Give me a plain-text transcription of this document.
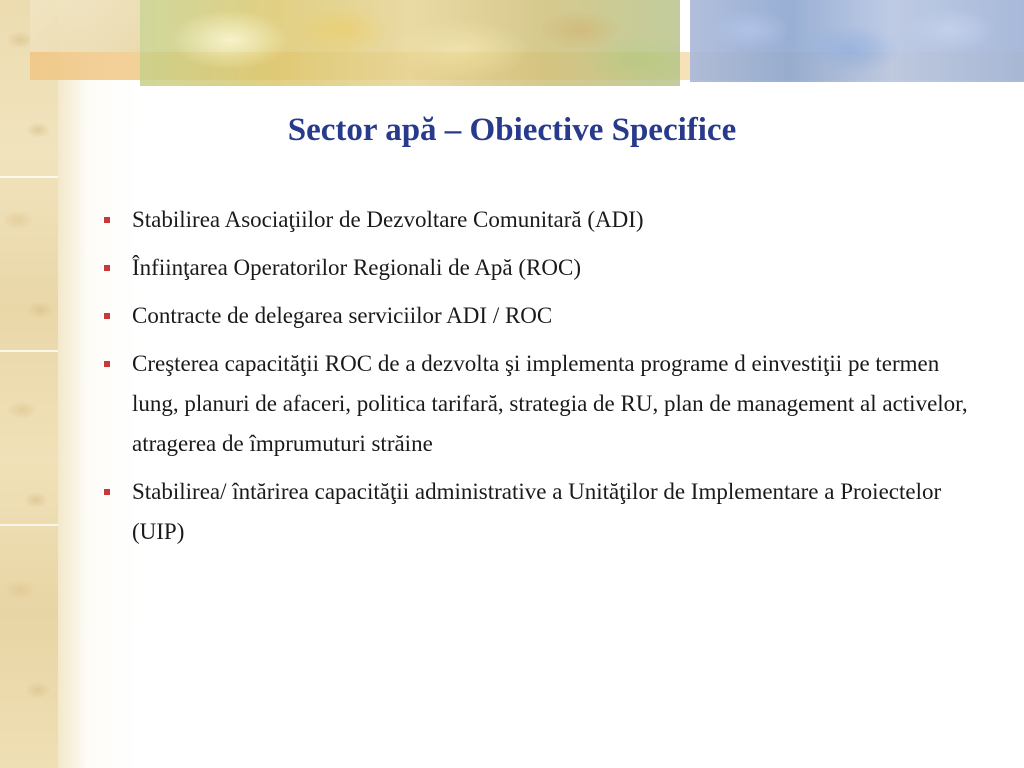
Sector apă – Obiective Specifice
Stabilirea Asociaţiilor de Dezvoltare Comunitară (ADI)
Înfiinţarea Operatorilor Regionali de Apă (ROC)
Contracte de delegarea serviciilor ADI / ROC
Creşterea capacităţii ROC de a dezvolta şi implementa programe d einvestiţii pe termen lung, planuri de afaceri, politica tarifară, strategia de RU, plan de management al activelor, atragerea de împrumuturi străine
Stabilirea/ întărirea capacităţii administrative a Unităţilor de Implementare a Proiectelor (UIP)
